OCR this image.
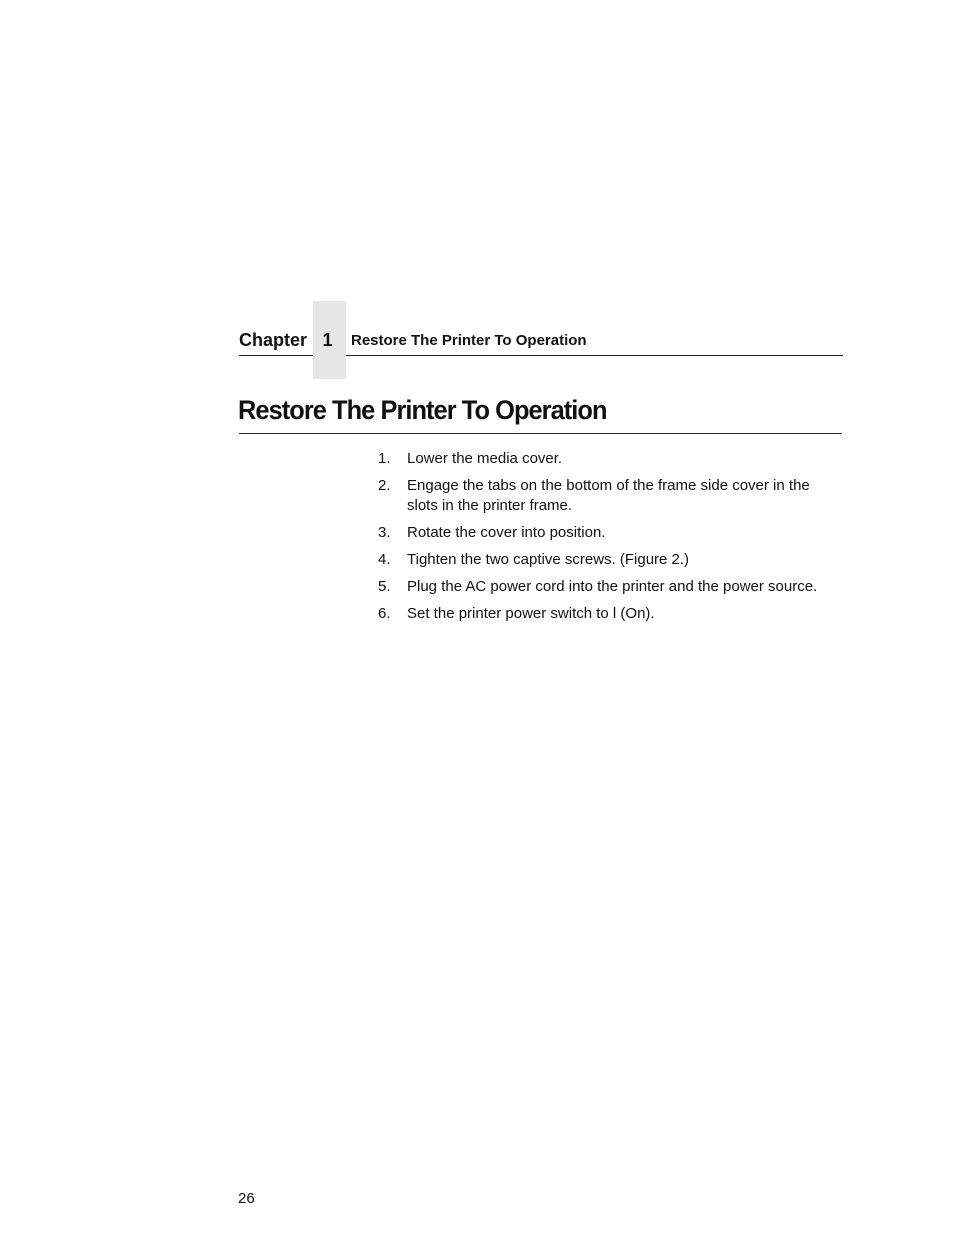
Chapter 1	Restore The Printer To Operation
Restore The Printer To Operation
1. Lower the media cover.
2. Engage the tabs on the bottom of the frame side cover in the slots in the printer frame.
3. Rotate the cover into position.
4. Tighten the two captive screws. (Figure 2.)
5. Plug the AC power cord into the printer and the power source.
6. Set the printer power switch to l (On).
26
